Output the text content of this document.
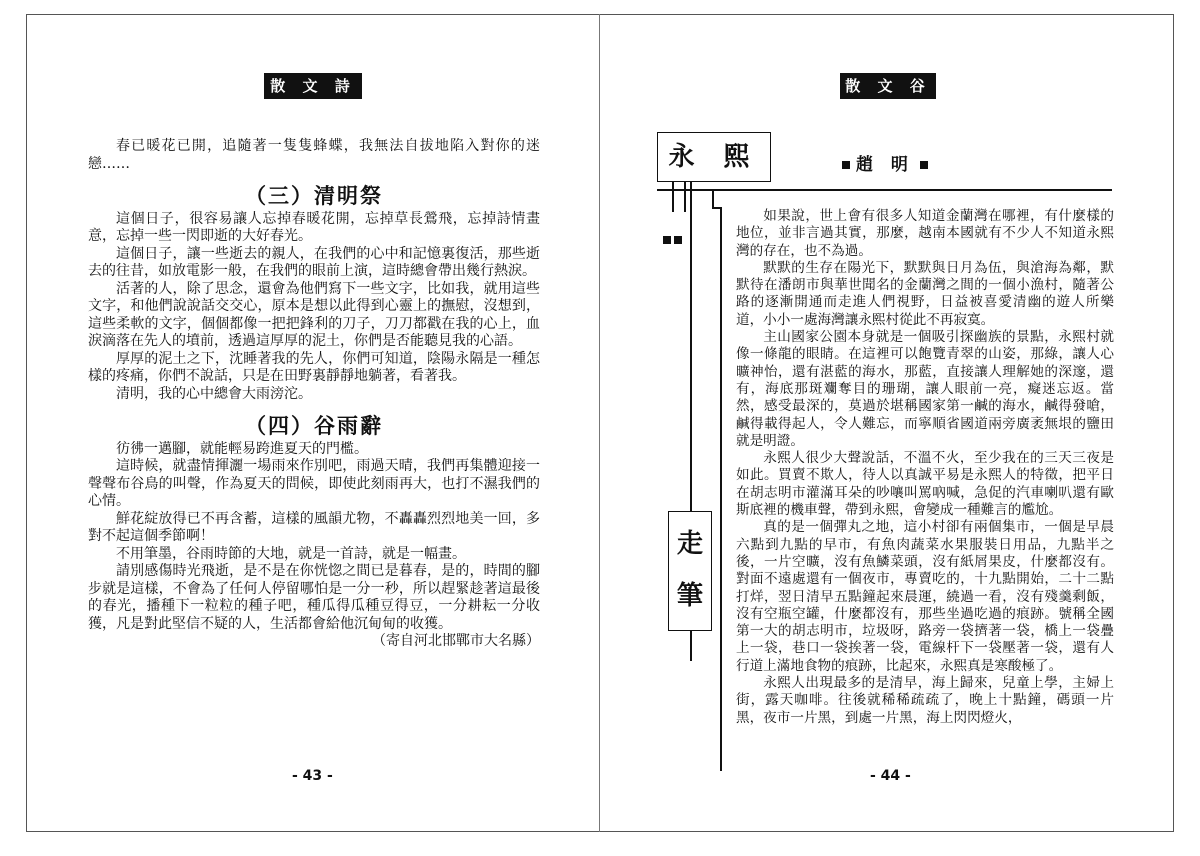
散 文 詩

春已暖花已開，追隨著一隻隻蜂蝶，我無法自拔地陷入對你的迷戀……

（三）清明祭

這個日子，很容易讓人忘掉春暖花開，忘掉草長鶯飛，忘掉詩情畫意，忘掉一些一閃即逝的大好春光。

這個日子，讓一些逝去的親人，在我們的心中和記憶裏復活，那些逝去的往昔，如放電影一般，在我們的眼前上演，這時總會帶出幾行熱淚。

活著的人，除了思念，還會為他們寫下一些文字，比如我，就用這些文字，和他們說說話交交心，原本是想以此得到心靈上的撫慰，沒想到，這些柔軟的文字，個個都像一把把鋒利的刀子，刀刀都戳在我的心上，血淚滴落在先人的墳前，透過這厚厚的泥土，你們是否能聽見我的心語。

厚厚的泥土之下，沈睡著我的先人，你們可知道，陰陽永隔是一種怎樣的疼痛，你們不說話，只是在田野裏靜靜地躺著，看著我。

清明，我的心中總會大雨滂沱。

（四）谷雨辭

彷彿一邁腳，就能輕易跨進夏天的門檻。

這時候，就盡情揮灑一場雨來作別吧，雨過天晴，我們再集體迎接一聲聲布谷鳥的叫聲，作為夏天的問候，即使此刻雨再大，也打不濕我們的心情。

鮮花綻放得已不再含蓄，這樣的風韻尤物，不轟轟烈烈地美一回，多對不起這個季節啊！

不用筆墨，谷雨時節的大地，就是一首詩，就是一幅畫。

請別感傷時光飛逝，是不是在你恍惚之間已是暮春，是的，時間的腳步就是這樣，不會為了任何人停留哪怕是一分一秒，所以趕緊趁著這最後的春光，播種下一粒粒的種子吧，種瓜得瓜種豆得豆，一分耕耘一分收獲，凡是對此堅信不疑的人，生活都會給他沉甸甸的收獲。

（寄自河北邯鄲市大名縣）

- 43 -
散 文 谷
永 熙	趙 明
走
筆

如果說，世上會有很多人知道金蘭灣在哪裡，有什麼樣的地位，並非言過其實，那麼，越南本國就有不少人不知道永熙灣的存在，也不為過。

默默的生存在陽光下，默默與日月為伍，與滄海為鄰，默默待在潘朗市與華世聞名的金蘭灣之間的一個小漁村，隨著公路的逐漸開通而走進人們視野，日益被喜愛清幽的遊人所樂道，小小一處海灣讓永熙村從此不再寂寞。

主山國家公園本身就是一個吸引探幽族的景點，永熙村就像一條龍的眼睛。在這裡可以飽覽青翠的山姿，那綠，讓人心曠神怡，還有湛藍的海水，那藍，直接讓人理解她的深邃，還有，海底那斑斕奪目的珊瑚，讓人眼前一亮，癡迷忘返。當然，感受最深的，莫過於堪稱國家第一鹹的海水，鹹得發嗆，鹹得載得起人，令人難忘，而寧順省國道兩旁廣袤無垠的鹽田就是明證。

永熙人很少大聲說話，不溫不火，至少我在的三天三夜是如此。買賣不欺人，待人以真誠平易是永熙人的特徵，把平日在胡志明市灌滿耳朵的吵嚷叫罵吶喊，急促的汽車喇叭還有歐斯底裡的機車聲，帶到永熙，會變成一種難言的尷尬。

真的是一個彈丸之地，這小村卻有兩個集市，一個是早晨六點到九點的早市，有魚肉蔬菜水果服裝日用品，九點半之後，一片空曠，沒有魚鱗菜頭，沒有紙屑果皮，什麼都沒有。對面不遠處還有一個夜市，專賣吃的，十九點開始，二十二點打烊，翌日清早五點鐘起來晨運，繞過一看，沒有殘羹剩飯，沒有空瓶空罐，什麼都沒有，那些坐過吃過的痕跡。號稱全國第一大的胡志明市，垃圾呀，路旁一袋擠著一袋，橋上一袋疊上一袋，巷口一袋挨著一袋，電線杆下一袋壓著一袋，還有人行道上滿地食物的痕跡，比起來，永熙真是寒酸極了。

永熙人出現最多的是清早，海上歸來，兒童上學，主婦上街，露天咖啡。往後就稀稀疏疏了，晚上十點鐘，碼頭一片黑，夜市一片黑，到處一片黑，海上閃閃燈火，

- 44 -
